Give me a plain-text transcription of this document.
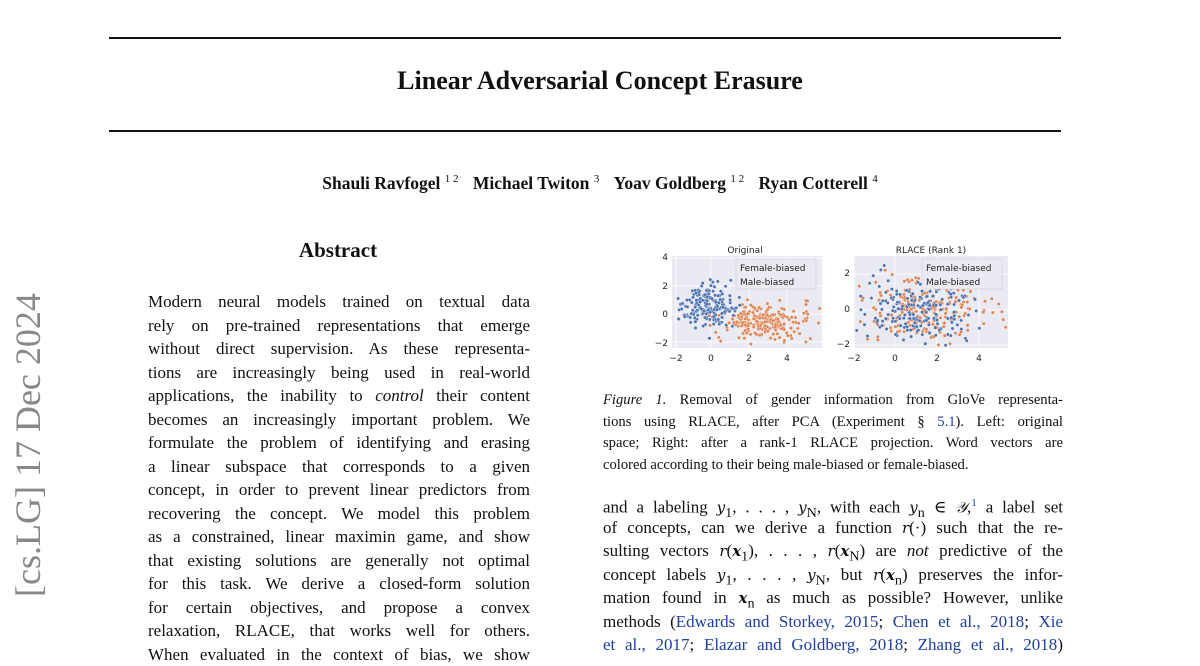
Linear Adversarial Concept Erasure
Shauli Ravfogel $^{1 2}$ Michael Twiton $^3$ Yoav Goldberg $^{1 2}$ Ryan Cotterell $^4$
[cs.LG] 17 Dec 2024
Abstract
Modern neural models trained on textual data
rely on pre-trained representations that emerge
without direct supervision. As these representa-
tions are increasingly being used in real-world
applications, the inability to control their content
becomes an increasingly important problem. We
formulate the problem of identifying and erasing
a linear subspace that corresponds to a given
concept, in order to prevent linear predictors from
recovering the concept. We model this problem
as a constrained, linear maximin game, and show
that existing solutions are generally not optimal
for this task. We derive a closed-form solution
for certain objectives, and propose a convex
relaxation, RLACE, that works well for others.
When evaluated in the context of bias, we show
Original
Female-biased
Male-biased
−2	0	2	4
4
2
0
−2
RLACE (Rank 1)
Female-biased
Male-biased
−2	0	2	4
2
0
−2
Figure 1. Removal of gender information from GloVe representa-
tions using RLACE, after PCA (Experiment § 5.1). Left: original
space; Right: after a rank-1 RLACE projection. Word vectors are
colored according to their being male-biased or female-biased.
and a labeling $y_1$, . . . , $y_N$, with each $y_n$ ∈ 𝒴,$^1$ a label set
of concepts, can we derive a function r(·) such that the re-
sulting vectors $r(x_1)$, . . . , $r(x_N)$ are not predictive of the
concept labels $y_1$, . . . , $y_N$, but $r(x_n)$ preserves the infor-
mation found in $x_n$ as much as possible? However, unlike
methods (Edwards and Storkey, 2015; Chen et al., 2018; Xie
et al., 2017; Elazar and Goldberg, 2018; Zhang et al., 2018)
